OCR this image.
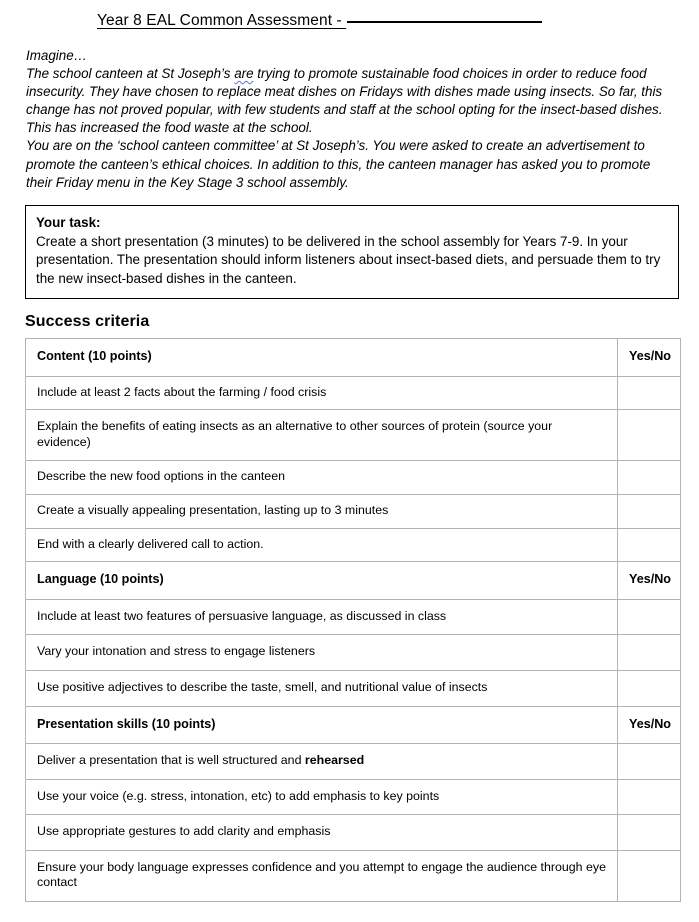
Year 8 EAL Common Assessment -

Imagine…

The school canteen at St Joseph’s are trying to promote sustainable food choices in order to reduce food insecurity. They have chosen to replace meat dishes on Fridays with dishes made using insects. So far, this change has not proved popular, with few students and staff at the school opting for the insect-based dishes. This has increased the food waste at the school.

You are on the ‘school canteen committee’ at St Joseph’s. You were asked to create an advertisement to promote the canteen’s ethical choices. In addition to this, the canteen manager has asked you to promote their Friday menu in the Key Stage 3 school assembly.

Your task:

Create a short presentation (3 minutes) to be delivered in the school assembly for Years 7-9. In your presentation. The presentation should inform listeners about insect-based diets, and persuade them to try the new insect-based dishes in the canteen.

Success criteria
Content (10 points)	Yes/No
Include at least 2 facts about the farming / food crisis	
Explain the benefits of eating insects as an alternative to other sources of protein (source your evidence)	
Describe the new food options in the canteen	
Create a visually appealing presentation, lasting up to 3 minutes	
End with a clearly delivered call to action.	
Language (10 points)	Yes/No
Include at least two features of persuasive language, as discussed in class	
Vary your intonation and stress to engage listeners	
Use positive adjectives to describe the taste, smell, and nutritional value of insects	
Presentation skills (10 points)	Yes/No
Deliver a presentation that is well structured and rehearsed	
Use your voice (e.g. stress, intonation, etc) to add emphasis to key points	
Use appropriate gestures to add clarity and emphasis	
Ensure your body language expresses confidence and you attempt to engage the audience through eye contact	
